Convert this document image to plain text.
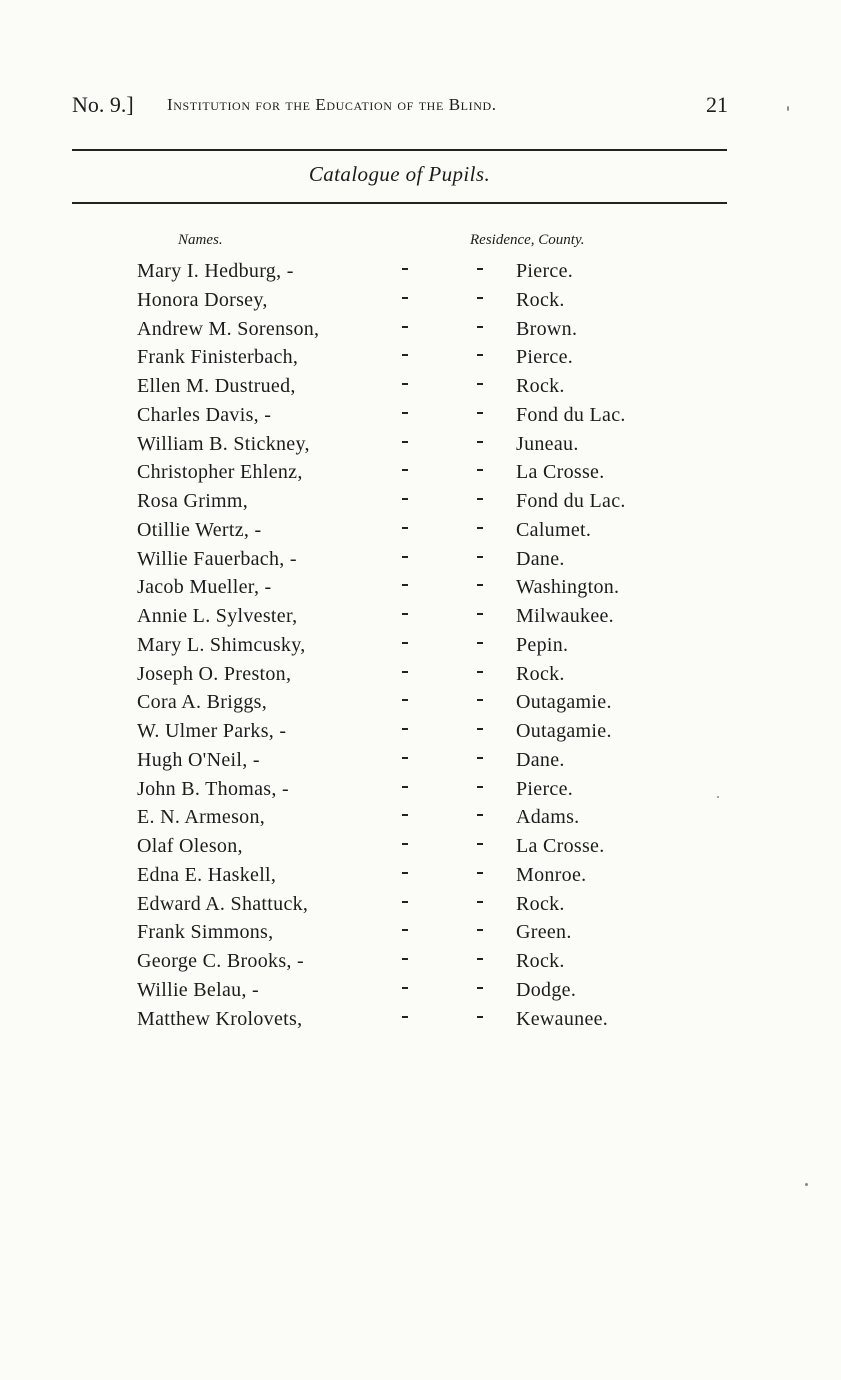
No. 9.] Institution for the Education of the Blind.	21
Catalogue of Pupils.
Names.	Residence, County.
Mary I. Hedburg, -	Pierce.
Honora Dorsey,	Rock.
Andrew M. Sorenson,	Brown.
Frank Finisterbach,	Pierce.
Ellen M. Dustrued,	Rock.
Charles Davis, -	Fond du Lac.
William B. Stickney,	Juneau.
Christopher Ehlenz,	La Crosse.
Rosa Grimm,	Fond du Lac.
Otillie Wertz, -	Calumet.
Willie Fauerbach, -	Dane.
Jacob Mueller, -	Washington.
Annie L. Sylvester,	Milwaukee.
Mary L. Shimcusky,	Pepin.
Joseph O. Preston,	Rock.
Cora A. Briggs,	Outagamie.
W. Ulmer Parks, -	Outagamie.
Hugh O'Neil, -	Dane.
John B. Thomas, -	Pierce.
E. N. Armeson,	Adams.
Olaf Oleson,	La Crosse.
Edna E. Haskell,	Monroe.
Edward A. Shattuck,	Rock.
Frank Simmons,	Green.
George C. Brooks, -	Rock.
Willie Belau, -	Dodge.
Matthew Krolovets,	Kewaunee.
